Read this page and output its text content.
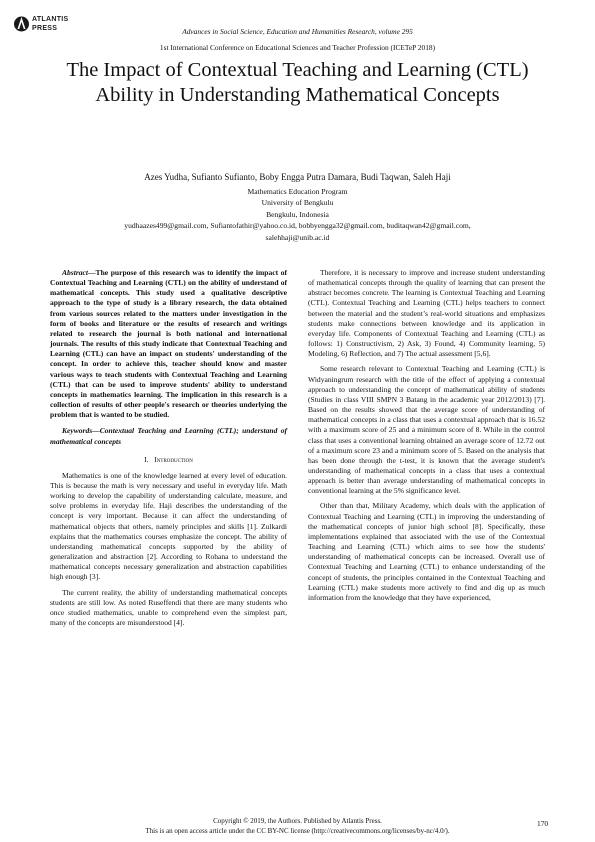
ATLANTIS
PRESS	Advances in Social Science, Education and Humanities Research, volume 295
1st International Conference on Educational Sciences and Teacher Profession (ICETeP 2018)
The Impact of Contextual Teaching and Learning (CTL) Ability in Understanding Mathematical Concepts
Azes Yudha, Sufianto Sufianto, Boby Engga Putra Damara, Budi Taqwan, Saleh Haji
Mathematics Education Program
University of Bengkulu
Bengkulu, Indonesia
yudhaazes499@gmail.com, Sufiantofathir@yahoo.co.id, bobbyengga32@gmail.com, buditaqwan42@gmail.com,
salehhaji@unib.ac.id

Abstract—The purpose of this research was to identify the impact of Contextual Teaching and Learning (CTL) on the ability of understand of mathematical concepts. This study used a qualitative descriptive approach to the type of study is a library research, the data obtained from various sources related to the matters under investigation in the form of books and literature or the results of research and writings related to research the journal is both national and international journals. The results of this study indicate that Contextual Teaching and Learning (CTL) can have an impact on students' understanding of the concept. In order to achieve this, teacher should know and master various ways to teach students with Contextual Teaching and Learning (CTL) that can be used to improve students' ability to understand concepts in mathematics learning. The implication in this research is a collection of results of other people's research or theories underlying the problem that is wanted to be studied.

Keywords—Contextual Teaching and Learning (CTL); understand of mathematical concepts

I. Introduction

Mathematics is one of the knowledge learned at every level of education. This is because the math is very necessary and useful in everyday life. Math working to develop the capability of understanding calculate, measure, and solve problems in everyday life. Haji describes the understanding of the concept is very important. Because it can affect the understanding of mathematical objects that others, namely principles and skills [1]. Zulkardi explains that the mathematics courses emphasize the concept. The ability of understanding mathematical concepts supported by the ability of generalization and abstraction [2]. According to Rohana to understand the mathematical concepts necessary generalization and abstraction capabilities high enough [3].

The current reality, the ability of understanding mathematical concepts students are still low. As noted Ruseffendi that there are many students who once studied mathematics, unable to comprehend even the simplest part, many of the concepts are misunderstood [4].

Therefore, it is necessary to improve and increase student understanding of mathematical concepts through the quality of learning that can present the abstract becomes concrete. The learning is Contextual Teaching and Learning (CTL). Contextual Teaching and Learning (CTL) helps teachers to connect between the material and the student’s real-world situations and emphasizes students make connections between knowledge and its application in everyday life. Components of Contextual Teaching and Learning (CTL) as follows: 1) Constructivism, 2) Ask, 3) Found, 4) Community learning, 5) Modeling, 6) Reflection, and 7) The actual assessment [5,6].

Some research relevant to Contextual Teaching and Learning (CTL) is Widyaningrum research with the title of the effect of applying a contextual approach to understanding the concept of mathematical ability of students (Studies in class VIII SMPN 3 Batang in the academic year 2012/2013) [7]. Based on the results showed that the average score of understanding of mathematical concepts in a class that uses a contextual approach that is 16.52 with a maximum score of 25 and a minimum score of 8. While in the control class that uses a conventional learning obtained an average score of 12.72 out of a maximum score 23 and a minimum score of 5. Based on the analysis that has been done through the t-test, it is known that the average student's understanding of mathematical concepts in a class that uses a contextual approach is better than average understanding of mathematical concepts in conventional learning at the 5% significance level.

Other than that, Military Academy, which deals with the application of Contextual Teaching and Learning (CTL) in improving the understanding of the mathematical concepts of junior high school [8]. Specifically, these implementations explained that associated with the use of the Contextual Teaching and Learning (CTL) which aims to see how the students' understanding of mathematical concepts can be increased. Overall use of Contextual Teaching and Learning (CTL) to enhance understanding of the concept of students, the principles contained in the Contextual Teaching and Learning (CTL) make students more actively to find and dig up as much information from the knowledge that they have experienced,

Copyright © 2019, the Authors. Published by Atlantis Press.
This is an open access article under the CC BY-NC license (http://creativecommons.org/licenses/by-nc/4.0/).
170
